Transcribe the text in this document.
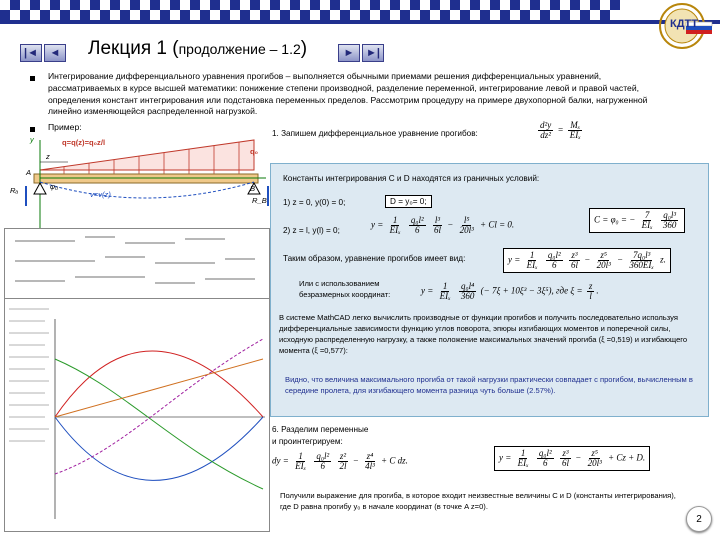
КДТТ
|◄ ◄	► ►|
Лекция 1 (продолжение – 1.2)
Интегрирование дифференциального уравнения прогибов – выполняется обычными приемами решения дифференциальных уравнений, рассматриваемых в курсе высшей математики: понижение степени производной, разделение переменной, интегрирование левой и правой частей, определения констант интегрирования или подстановка переменных пределов. Рассмотрим процедуру на примере двухопорной балки, нагруженной линейно изменяющейся распределенной нагрузкой.
Пример:
q=q(z)=q₀z/l
q₀
y
z
A
B
Rₐ
R_B
φ₀
v=v(z)
1. Запишем дифференциальное уравнение прогибов:	$\frac{\text{d²y}}{\text{dz²}} = \frac{\text{Mₓ}}{\text{EIₓ}}$
Константы интегрирования C и D находятся из граничных условий:
1) z = 0, y(0) = 0;	D = y₀= 0;
2) z = l, y(l) = 0;
$y = \frac{1}{\text{EIₓ}}$
$\frac{\text{q₀l²}}{6}$
$\frac{\text{l³}}{6l} - \frac{\text{l⁵}}{\text{20l³}} + Cl = 0$.	C = φ₀ = − $\frac{7}{\text{EIₓ}}$
$\frac{\text{q₀l³}}{360}$
Таким образом, уравнение прогибов имеет вид:	$y = \frac{1}{\text{EIₓ}}$
$\frac{\text{q₀l²}}{6}$
$\frac{\text{z³}}{6l} - \frac{\text{z⁵}}{\text{20l³}} - \frac{\text{7q₀l³}}{\text{360EIₓ}} z$.
Или с использованием безразмерных координат:	$y = \frac{1}{\text{EIₓ}}$
$\frac{\text{q₀l⁴}}{360}$ (− 7ξ + 10ξ³ − 3ξ⁵), где $\xi = \frac{z}{l}$ .
В системе MathCAD легко вычислить производные от функции прогибов и получить последовательно используя дифференциальные зависимости функцию углов поворота, эпюры изгибающих моментов и поперечной силы, исходную распределенную нагрузку, а также положение максимальных значений прогиба (ξ =0,519) и изгибающего момента (ξ =0,577):
Видно, что величина максимального прогиба от такой нагрузки практически совпадает с прогибом, вычисленным в середине пролета, для изгибающего момента разница чуть больше (2.57%).
6. Разделим переменные
и проинтегрируем:
dy = $\frac{1}{\text{EIₓ}}$
$\frac{\text{q₀l²}}{6}$
$\frac{\text{z²}}{2l} - \frac{\text{z⁴}}{\text{4l³}} + C$ dz.	$y = \frac{1}{\text{EIₓ}}$
$\frac{\text{q₀l²}}{6}$
$\frac{\text{z³}}{6l} - \frac{\text{z⁵}}{\text{20l³}} + Cz + D$.
Получили выражение для прогиба, в которое входит неизвестные величины C и D (константы интегрирования), где D равна прогибу y₀ в начале координат (в точке A z=0).
2
